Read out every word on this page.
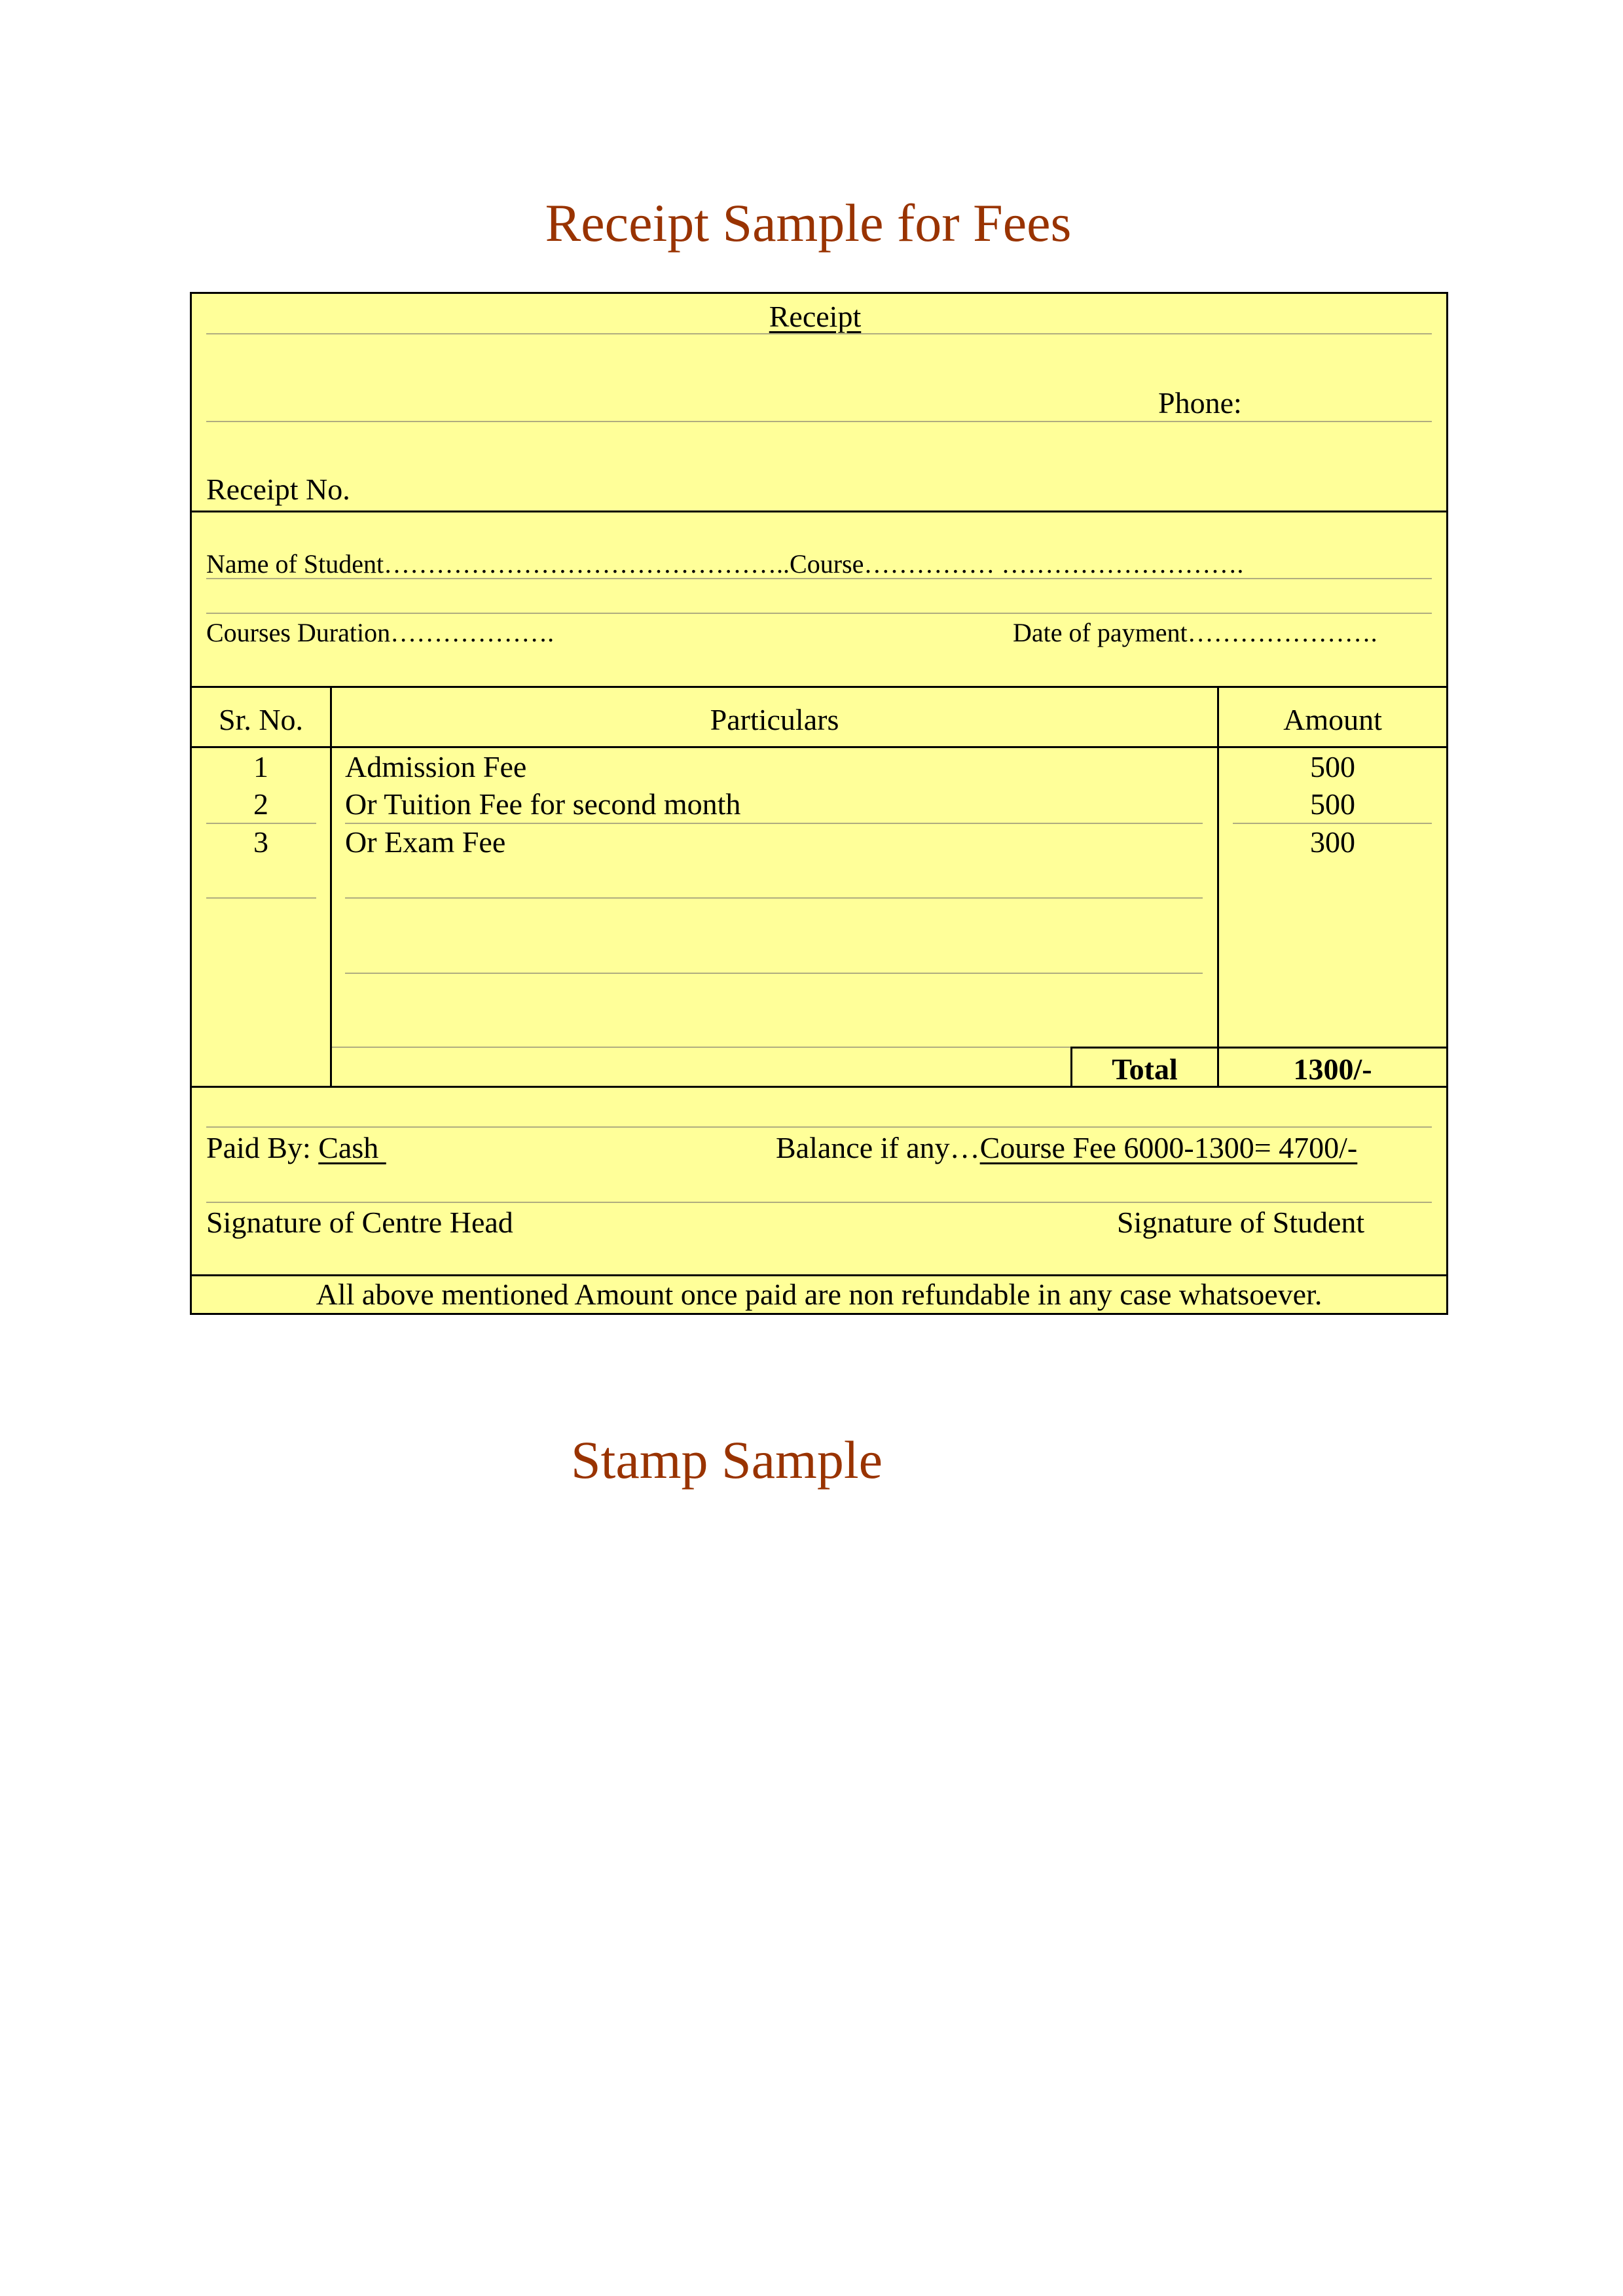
Receipt Sample for Fees
Receipt
Phone:
Receipt No.
Name of Student………………………………………..Course…………… ……………………….
Courses Duration……………….	Date of payment………………….
Sr. No.	Particulars	Amount
1	Admission Fee	500
2	Or Tuition Fee for second month	500
3	Or Exam Fee	300
Total	1300/-
Paid By: Cash	Balance if any…Course Fee 6000-1300= 4700/-
Signature of Centre Head	Signature of Student
All above mentioned Amount once paid are non refundable in any case whatsoever.
Stamp Sample
